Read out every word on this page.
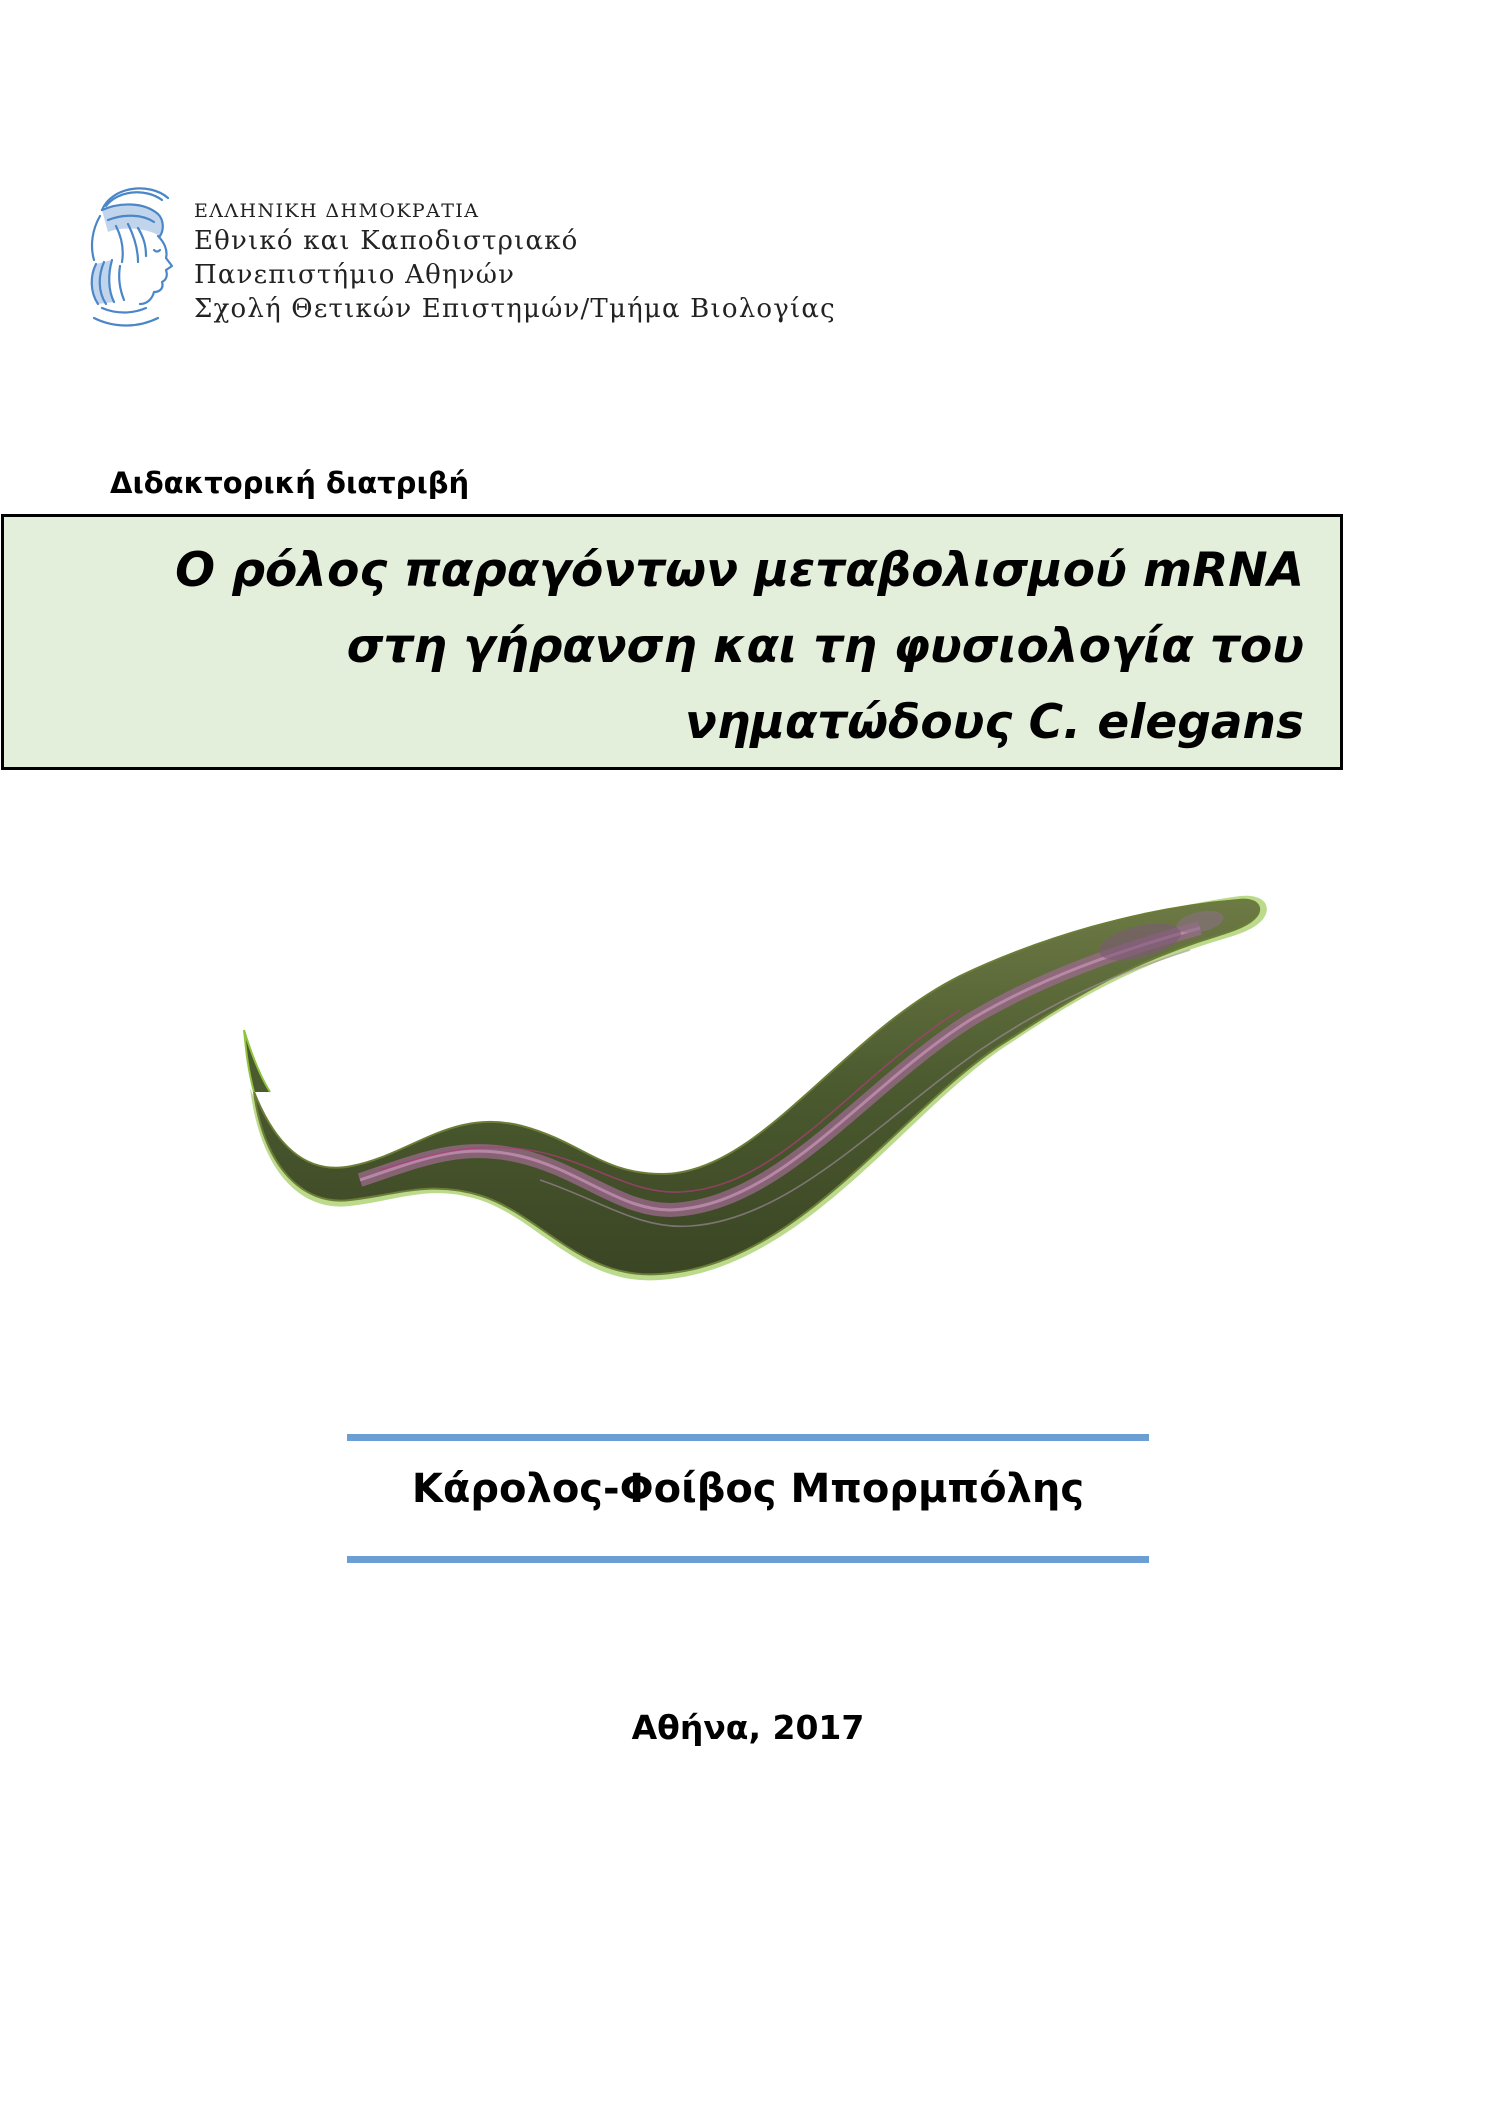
ΕΛΛΗΝΙΚΗ ΔΗΜΟΚΡΑΤΙΑ
Εθνικό και Καποδιστριακό
Πανεπιστήμιο Αθηνών
Σχολή Θετικών Επιστημών/Τμήμα Βιολογίας
Διδακτορική διατριβή
Ο ρόλος παραγόντων μεταβολισμού mRNA
στη γήρανση και τη φυσιολογία του
νηματώδους C. elegans
Κάρολος-Φοίβος Μπορμπόλης
Αθήνα, 2017
